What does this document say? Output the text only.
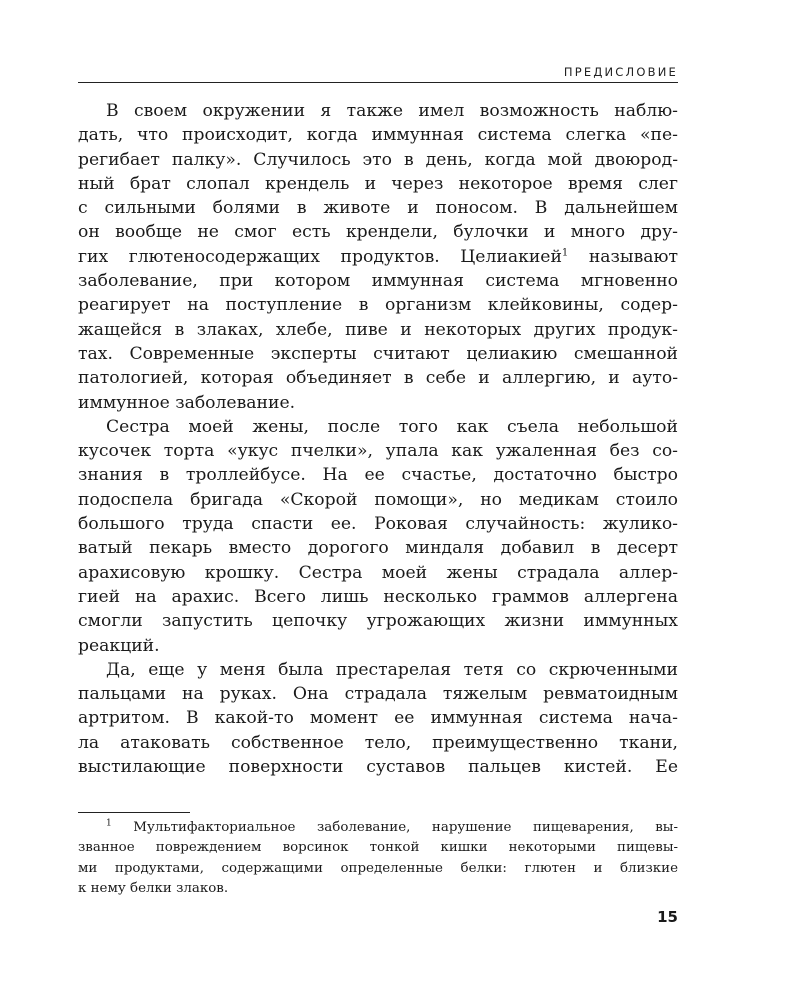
ПРЕДИСЛОВИЕ
В своем окружении я также имел возможность наблю-
дать, что происходит, когда иммунная система слегка «пе-
регибает палку». Случилось это в день, когда мой двоюрод-
ный брат слопал крендель и через некоторое время слег
с сильными болями в животе и поносом. В дальнейшем
он вообще не смог есть крендели, булочки и много дру-
гих глютеносодержащих продуктов. Целиакией$^1$ называют
заболевание, при котором иммунная система мгновенно
реагирует на поступление в организм клейковины, содер-
жащейся в злаках, хлебе, пиве и некоторых других продук-
тах. Современные эксперты считают целиакию смешанной
патологией, которая объединяет в себе и аллергию, и ауто-
иммунное заболевание.
Сестра моей жены, после того как съела небольшой
кусочек торта «укус пчелки», упала как ужаленная без со-
знания в троллейбусе. На ее счастье, достаточно быстро
подоспела бригада «Скорой помощи», но медикам стоило
большого труда спасти ее. Роковая случайность: жулико-
ватый пекарь вместо дорогого миндаля добавил в десерт
арахисовую крошку. Сестра моей жены страдала аллер-
гией на арахис. Всего лишь несколько граммов аллергена
смогли запустить цепочку угрожающих жизни иммунных
реакций.
Да, еще у меня была престарелая тетя со скрюченными
пальцами на руках. Она страдала тяжелым ревматоидным
артритом. В какой-то момент ее иммунная система нача-
ла атаковать собственное тело, преимущественно ткани,
выстилающие поверхности суставов пальцев кистей. Ее
$^1$ Мультифакториальное заболевание, нарушение пищеварения, вы-
званное повреждением ворсинок тонкой кишки некоторыми пищевы-
ми продуктами, содержащими определенные белки: глютен и близкие
к нему белки злаков.
15
